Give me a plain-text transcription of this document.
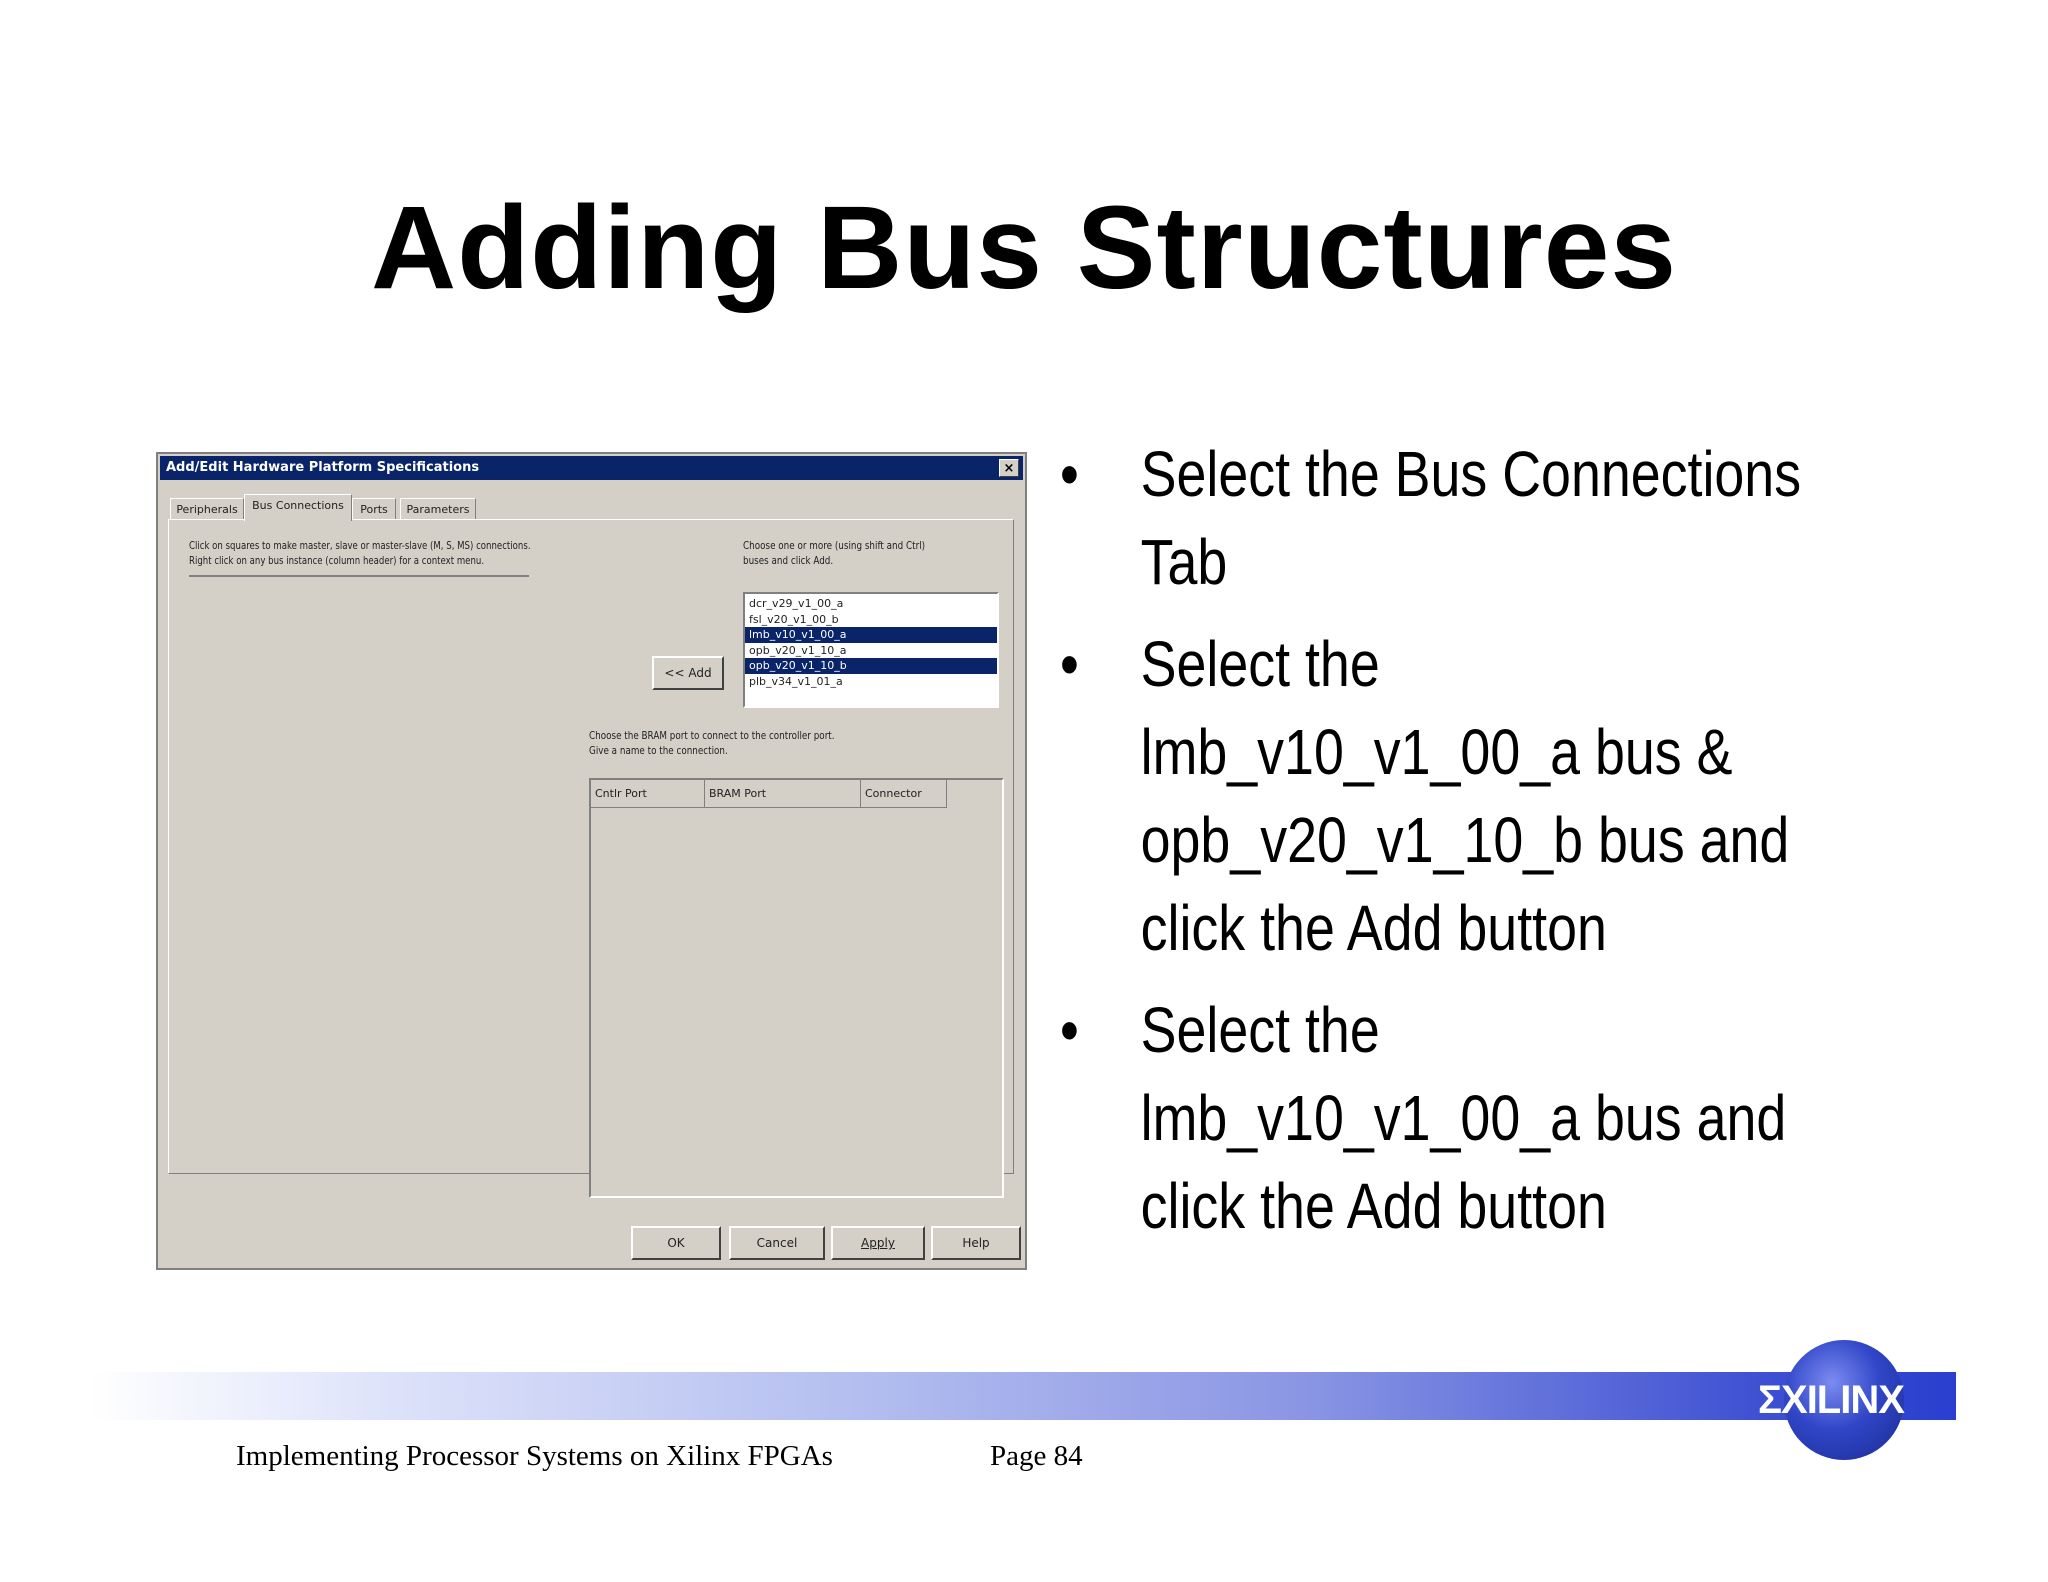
Adding Bus Structures
Add/Edit Hardware Platform Specifications	×
Peripherals	Bus Connections	Ports	Parameters
Click on squares to make master, slave or master-slave (M, S, MS) connections.
Right click on any bus instance (column header) for a context menu.
Choose one or more (using shift and Ctrl)
buses and click Add.
dcr_v29_v1_00_a
fsl_v20_v1_00_b
lmb_v10_v1_00_a
opb_v20_v1_10_a
opb_v20_v1_10_b
plb_v34_v1_01_a
<< Add
Choose the BRAM port to connect to the controller port.
Give a name to the connection.
Cntlr Port	BRAM Port	Connector
OK	Cancel	Apply	Help
• Select the Bus Connections
Tab
• Select the
lmb_v10_v1_00_a bus &
opb_v20_v1_10_b bus and
click the Add button
• Select the
lmb_v10_v1_00_a bus and
click the Add button
ΣXILINX
Implementing Processor Systems on Xilinx FPGAs	Page 84
